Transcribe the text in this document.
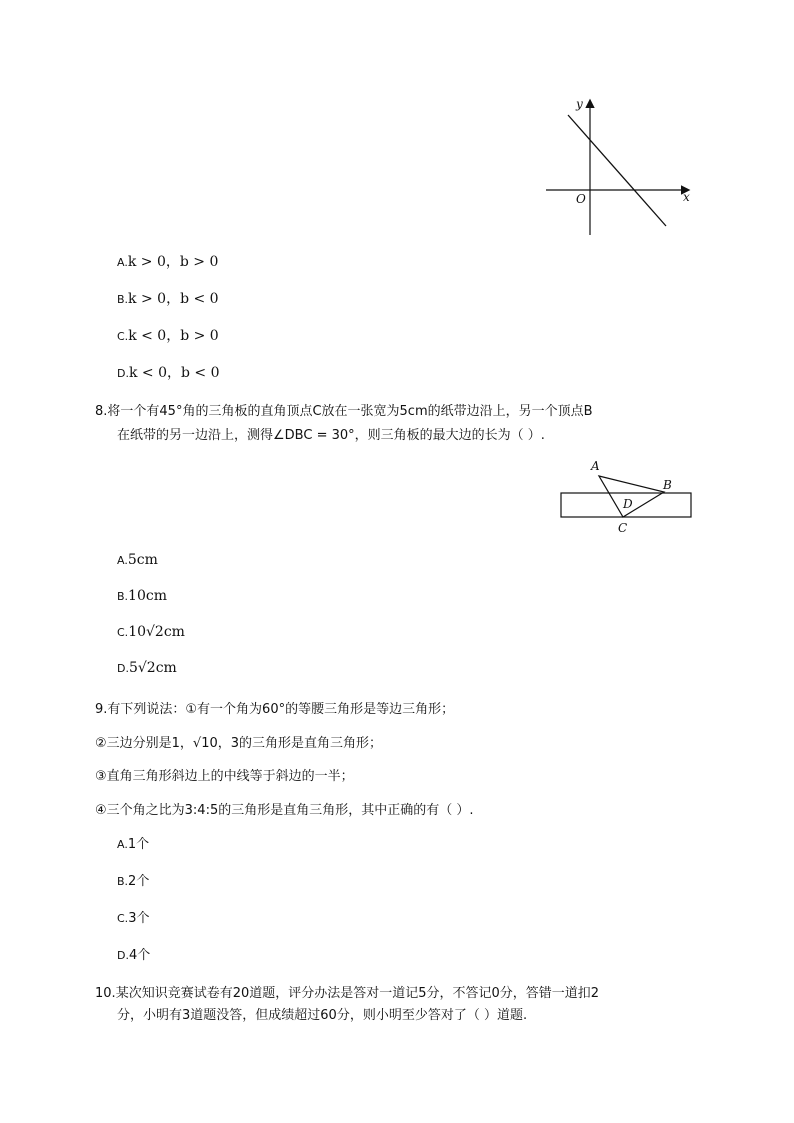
y
x
O
A.k > 0，b > 0
B.k > 0，b < 0
C.k < 0，b > 0
D.k < 0，b < 0
8.将一个有45°角的三角板的直角顶点C放在一张宽为5cm的纸带边沿上，另一个顶点B
在纸带的另一边沿上，测得∠DBC = 30°，则三角板的最大边的长为（ ）.
A
B
C
D
A.5cm
B.10cm
C.10√2cm
D.5√2cm
9.有下列说法：①有一个角为60°的等腰三角形是等边三角形；
②三边分别是1，√10，3的三角形是直角三角形；
③直角三角形斜边上的中线等于斜边的一半；
④三个角之比为3:4:5的三角形是直角三角形，其中正确的有（ ）.
A.1个
B.2个
C.3个
D.4个
10.某次知识竞赛试卷有20道题，评分办法是答对一道记5分，不答记0分，答错一道扣2
分，小明有3道题没答，但成绩超过60分，则小明至少答对了（ ）道题.
